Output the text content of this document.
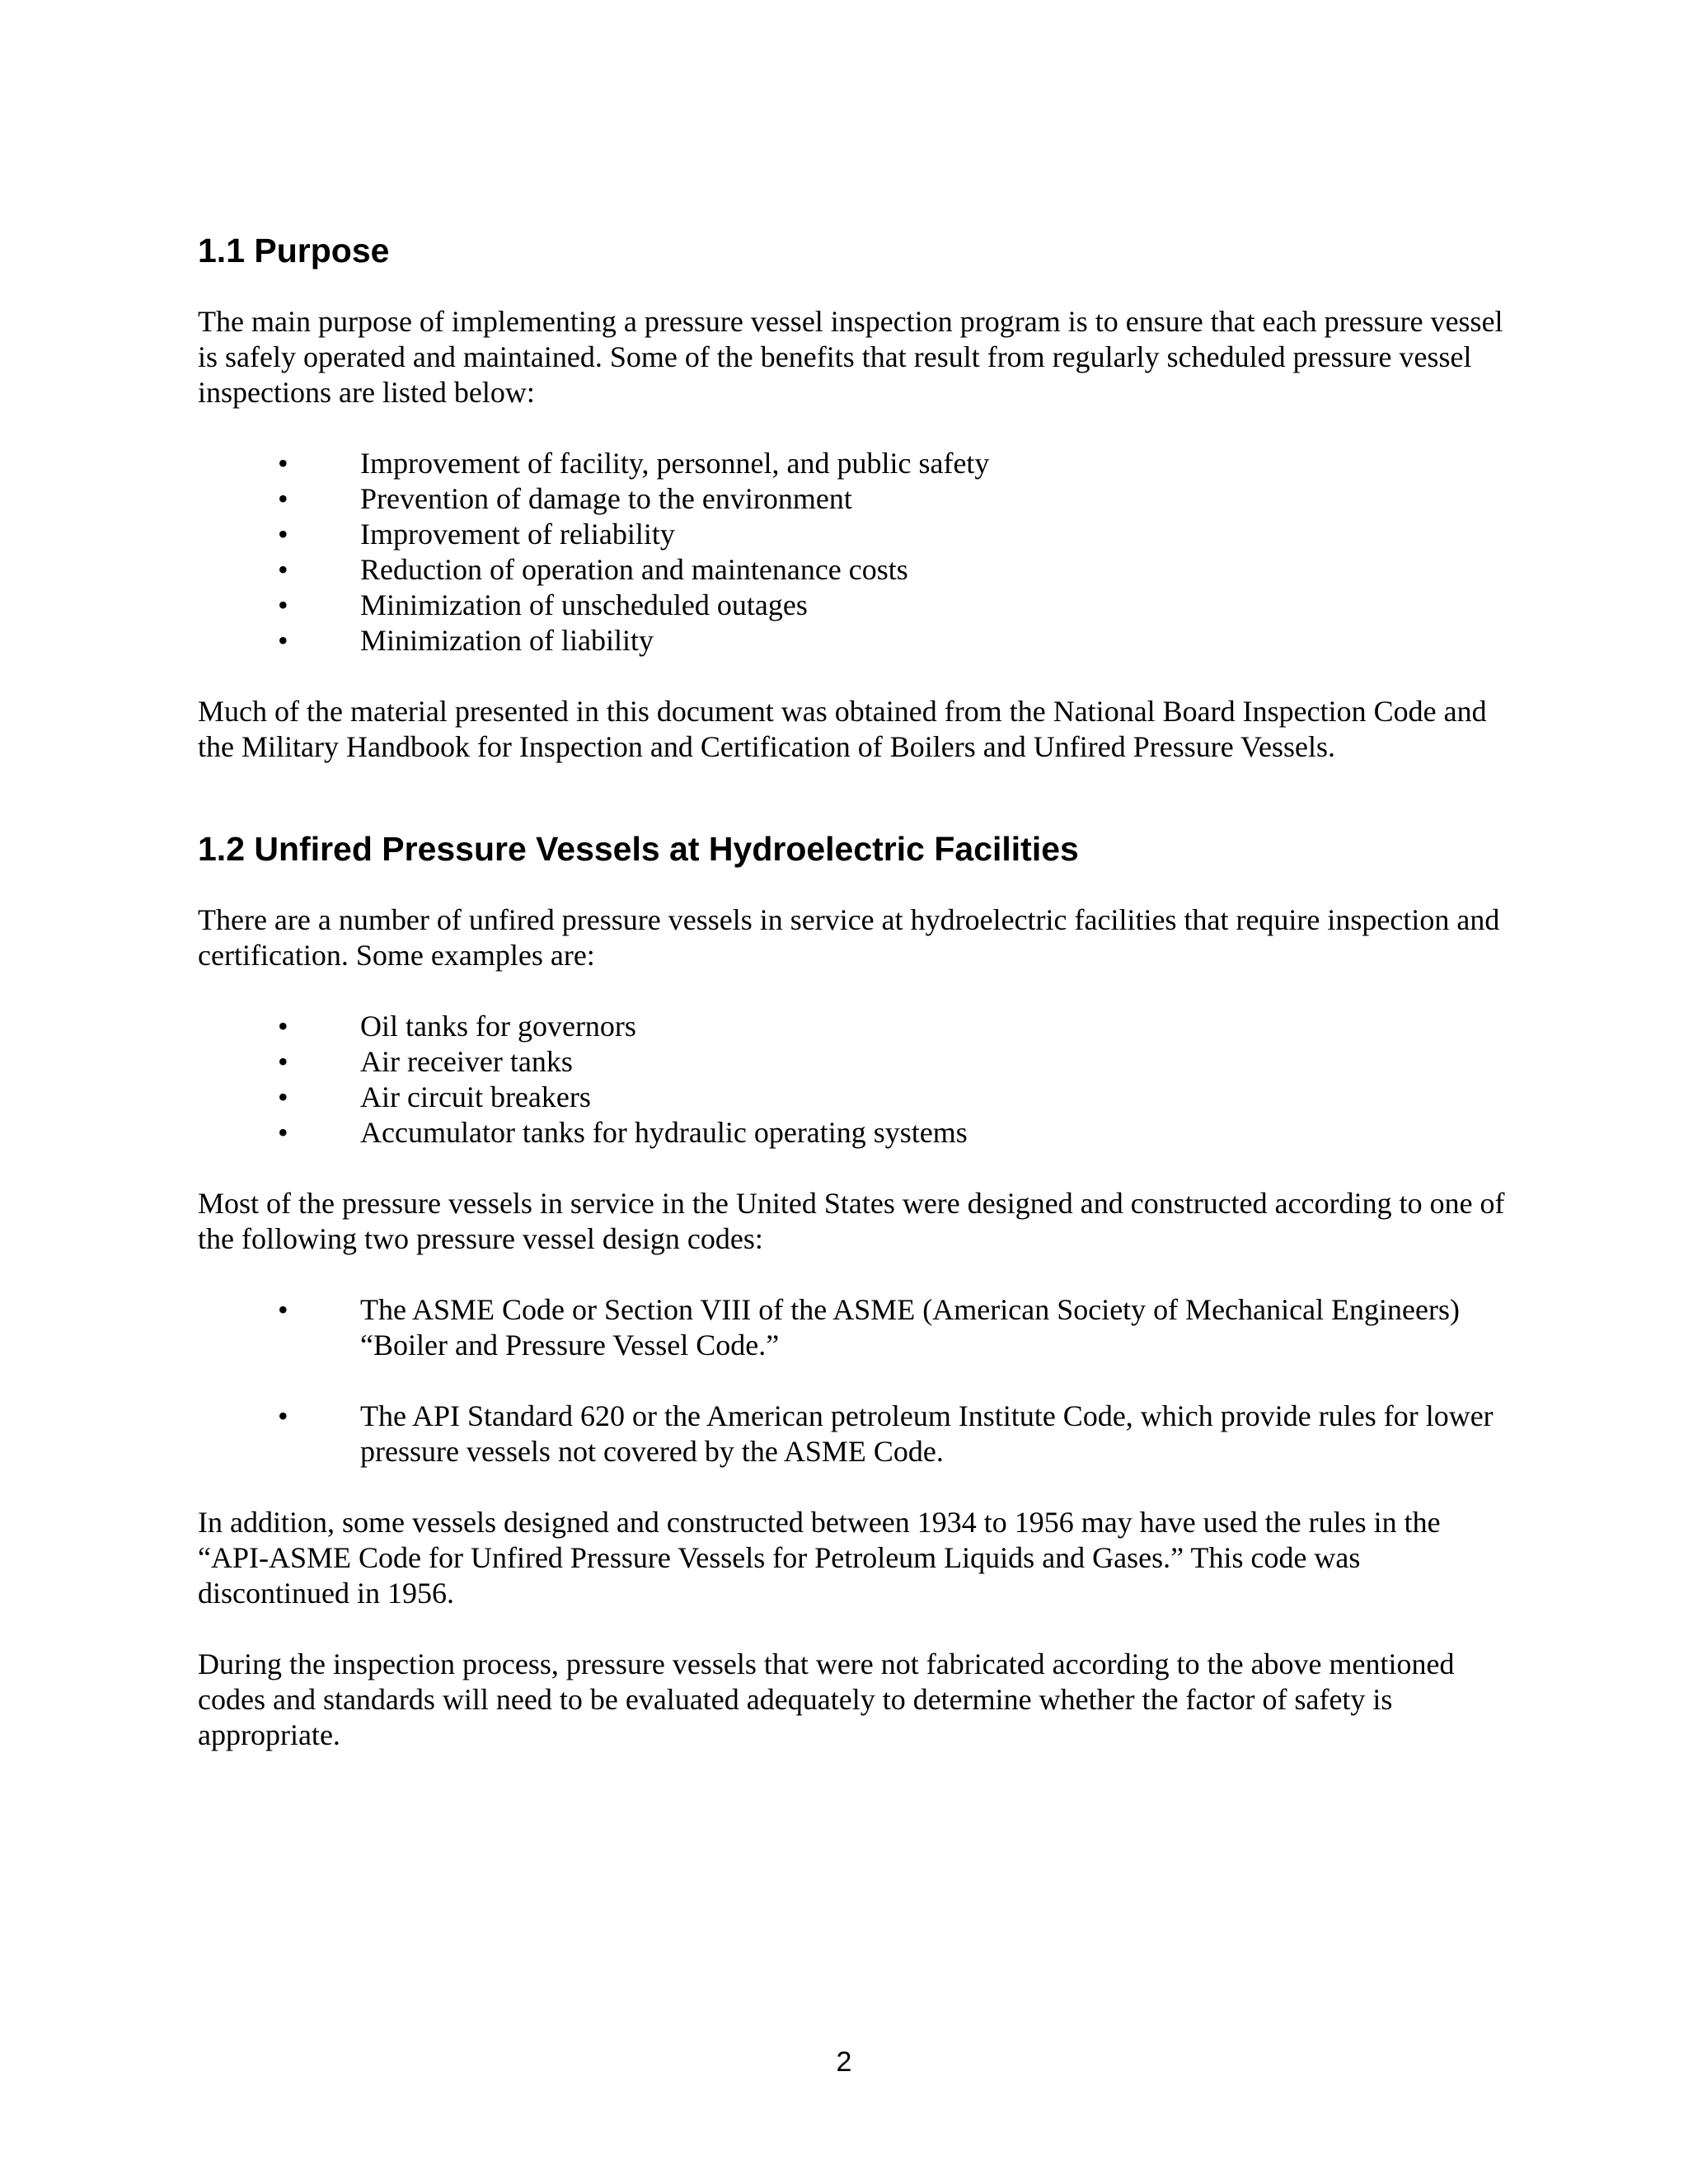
1.1 Purpose

The main purpose of implementing a pressure vessel inspection program is to ensure that each pressure vessel is safely operated and maintained. Some of the benefits that result from regularly scheduled pressure vessel inspections are listed below:

• Improvement of facility, personnel, and public safety
• Prevention of damage to the environment
• Improvement of reliability
• Reduction of operation and maintenance costs
• Minimization of unscheduled outages
• Minimization of liability

Much of the material presented in this document was obtained from the National Board Inspection Code and the Military Handbook for Inspection and Certification of Boilers and Unfired Pressure Vessels.

1.2 Unfired Pressure Vessels at Hydroelectric Facilities

There are a number of unfired pressure vessels in service at hydroelectric facilities that require inspection and certification. Some examples are:

• Oil tanks for governors
• Air receiver tanks
• Air circuit breakers
• Accumulator tanks for hydraulic operating systems

Most of the pressure vessels in service in the United States were designed and constructed according to one of the following two pressure vessel design codes:

• The ASME Code or Section VIII of the ASME (American Society of Mechanical Engineers) “Boiler and Pressure Vessel Code.”
• The API Standard 620 or the American petroleum Institute Code, which provide rules for lower pressure vessels not covered by the ASME Code.

In addition, some vessels designed and constructed between 1934 to 1956 may have used the rules in the “API-ASME Code for Unfired Pressure Vessels for Petroleum Liquids and Gases.” This code was discontinued in 1956.

During the inspection process, pressure vessels that were not fabricated according to the above mentioned codes and standards will need to be evaluated adequately to determine whether the factor of safety is appropriate.

2
